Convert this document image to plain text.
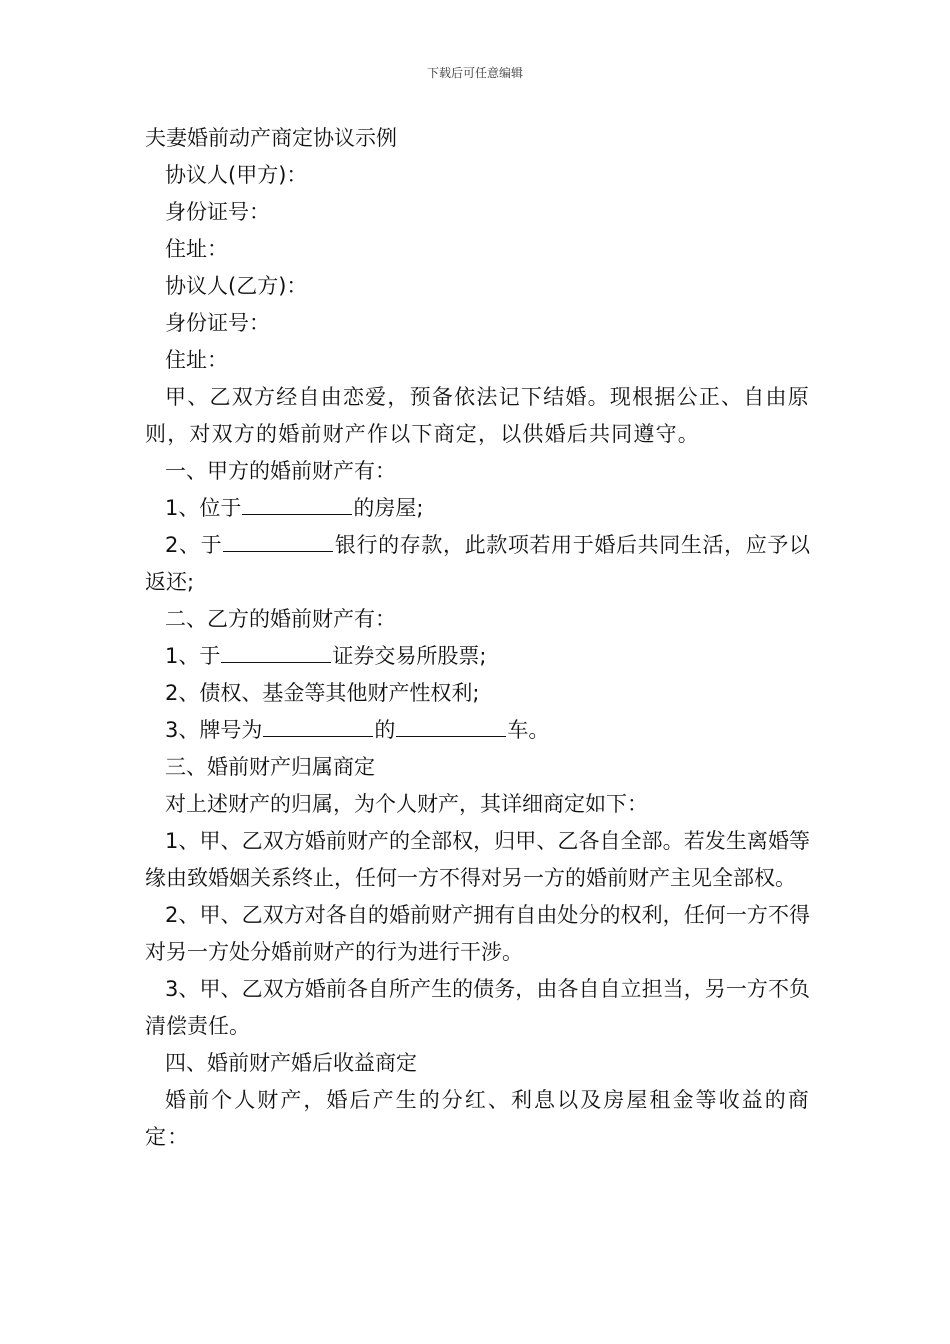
下载后可任意编辑

夫妻婚前动产商定协议示例

协议人(甲方)：

身份证号：

住址：

协议人(乙方)：

身份证号：

住址：

甲、乙双方经自由恋爱，预备依法记下结婚。现根据公正、自由原则，对双方的婚前财产作以下商定，以供婚后共同遵守。

一、甲方的婚前财产有：

1、位于	的房屋;

2、于	银行的存款，此款项若用于婚后共同生活，应予以返还;

二、乙方的婚前财产有：

1、于	证券交易所股票;

2、债权、基金等其他财产性权利;

3、牌号为	的	车。

三、婚前财产归属商定

对上述财产的归属，为个人财产，其详细商定如下：

1、甲、乙双方婚前财产的全部权，归甲、乙各自全部。若发生离婚等缘由致婚姻关系终止，任何一方不得对另一方的婚前财产主见全部权。

2、甲、乙双方对各自的婚前财产拥有自由处分的权利，任何一方不得对另一方处分婚前财产的行为进行干涉。

3、甲、乙双方婚前各自所产生的债务，由各自自立担当，另一方不负清偿责任。

四、婚前财产婚后收益商定

婚前个人财产，婚后产生的分红、利息以及房屋租金等收益的商定：
